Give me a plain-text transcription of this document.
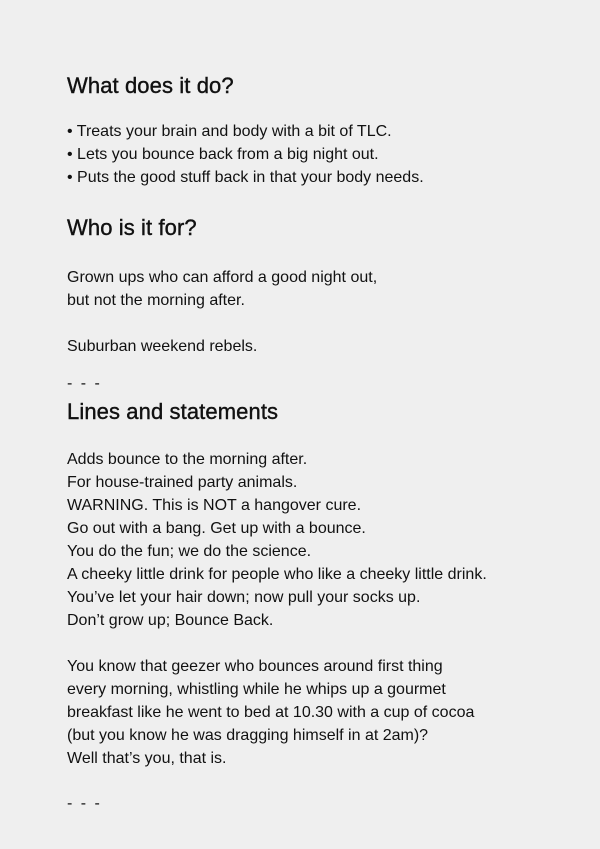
What does it do?
• Treats your brain and body with a bit of TLC.
• Lets you bounce back from a big night out.
• Puts the good stuff back in that your body needs.
Who is it for?

Grown ups who can afford a good night out,
but not the morning after.

Suburban weekend rebels.

- - -

Lines and statements

Adds bounce to the morning after.
For house-trained party animals.
WARNING. This is NOT a hangover cure.
Go out with a bang. Get up with a bounce.
You do the fun; we do the science.
A cheeky little drink for people who like a cheeky little drink.
You’ve let your hair down; now pull your socks up.
Don’t grow up; Bounce Back.

You know that geezer who bounces around first thing
every morning, whistling while he whips up a gourmet
breakfast like he went to bed at 10.30 with a cup of cocoa
(but you know he was dragging himself in at 2am)?
Well that’s you, that is.

- - -
